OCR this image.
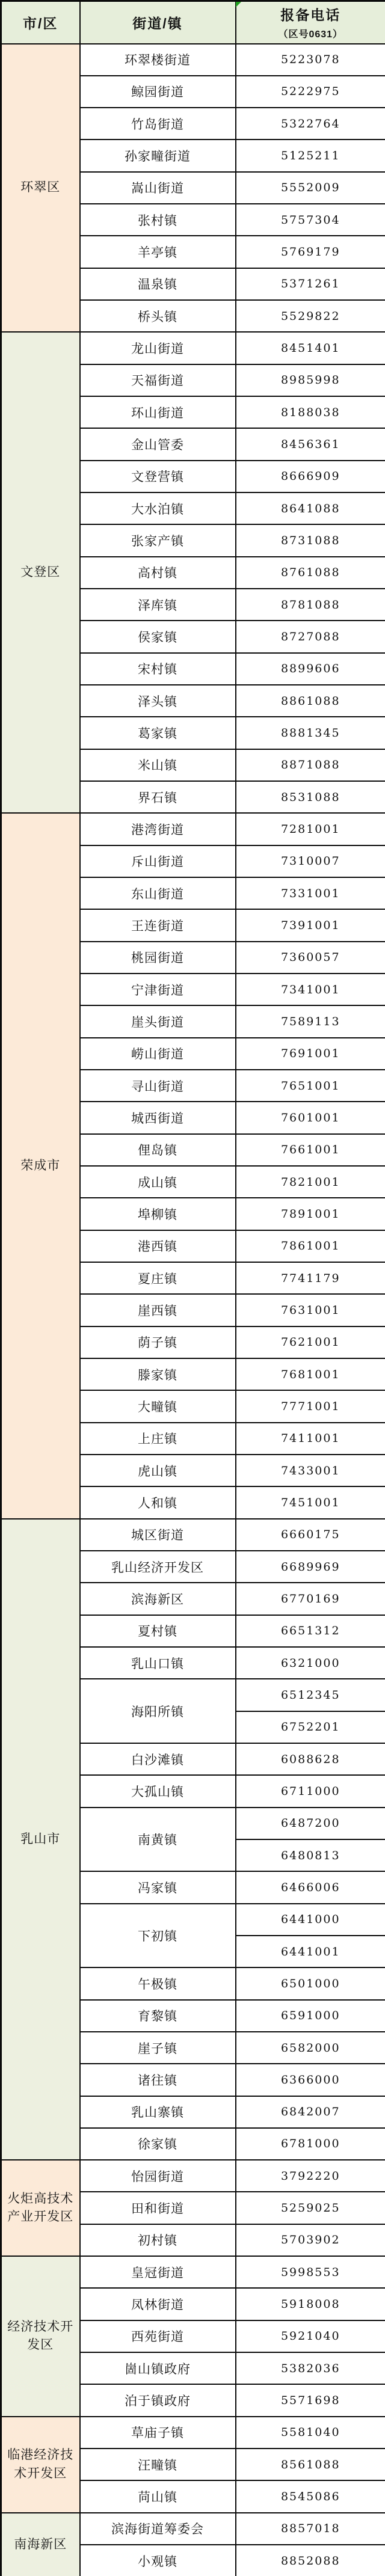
市/区	街道/镇	报备电话
（区号0631）

环翠区	环翠楼街道	5223078
	鲸园街道	5222975
	竹岛街道	5322764
	孙家疃街道	5125211
	嵩山街道	5552009
	张村镇	5757304
	羊亭镇	5769179
	温泉镇	5371261
	桥头镇	5529822
文登区	龙山街道	8451401
	天福街道	8985998
	环山街道	8188038
	金山管委	8456361
	文登营镇	8666909
	大水泊镇	8641088
	张家产镇	8731088
	高村镇	8761088
	泽库镇	8781088
	侯家镇	8727088
	宋村镇	8899606
	泽头镇	8861088
	葛家镇	8881345
	米山镇	8871088
	界石镇	8531088
荣成市	港湾街道	7281001
	斥山街道	7310007
	东山街道	7331001
	王连街道	7391001
	桃园街道	7360057
	宁津街道	7341001
	崖头街道	7589113
	崂山街道	7691001
	寻山街道	7651001
	城西街道	7601001
	俚岛镇	7661001
	成山镇	7821001
	埠柳镇	7891001
	港西镇	7861001
	夏庄镇	7741179
	崖西镇	7631001
	荫子镇	7621001
	滕家镇	7681001
	大疃镇	7771001
	上庄镇	7411001
	虎山镇	7433001
	人和镇	7451001
乳山市	城区街道	6660175
	乳山经济开发区	6689969
	滨海新区	6770169
	夏村镇	6651312
	乳山口镇	6321000
	海阳所镇	6512345
		6752201
	白沙滩镇	6088628
	大孤山镇	6711000
	南黄镇	6487200
		6480813
	冯家镇	6466006
	下初镇	6441000
		6441001
	午极镇	6501000
	育黎镇	6591000
	崖子镇	6582000
	诸往镇	6366000
	乳山寨镇	6842007
	徐家镇	6781000
火炬高技术产业开发区	怡园街道	3792220
	田和街道	5259025
	初村镇	5703902
经济技术开发区	皇冠街道	5998553
	凤林街道	5918008
	西苑街道	5921040
	崮山镇政府	5382036
	泊于镇政府	5571698
临港经济技术开发区	草庙子镇	5581040
	汪疃镇	8561088
	苘山镇	8545086
南海新区	滨海街道筹委会	8857018
	小观镇	8852088
